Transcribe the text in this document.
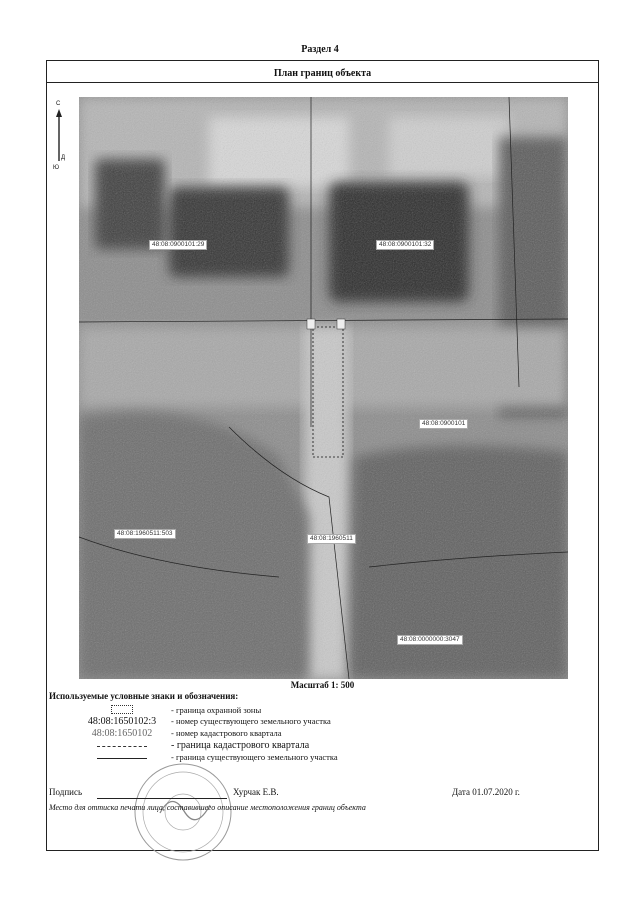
Раздел 4
План границ объекта
С
Д
Ю
48:08:0900101:29	48:08:0900101:32
48:08:0900101
48:08:1960511:503
48:08:1960511
48:08:0000000:3047
Масштаб 1: 500
Используемые условные знаки и обозначения:
- граница охранной зоны
48:08:1650102:3	- номер существующего земельного участка
48:08:1650102	- номер кадастрового квартала
- граница кадастрового квартала
- граница существующего земельного участка
Подпись	Хурчак Е.В.	Дата 01.07.2020 г.
Место для оттиска печати лица, составившего описание местоположения границ объекта
